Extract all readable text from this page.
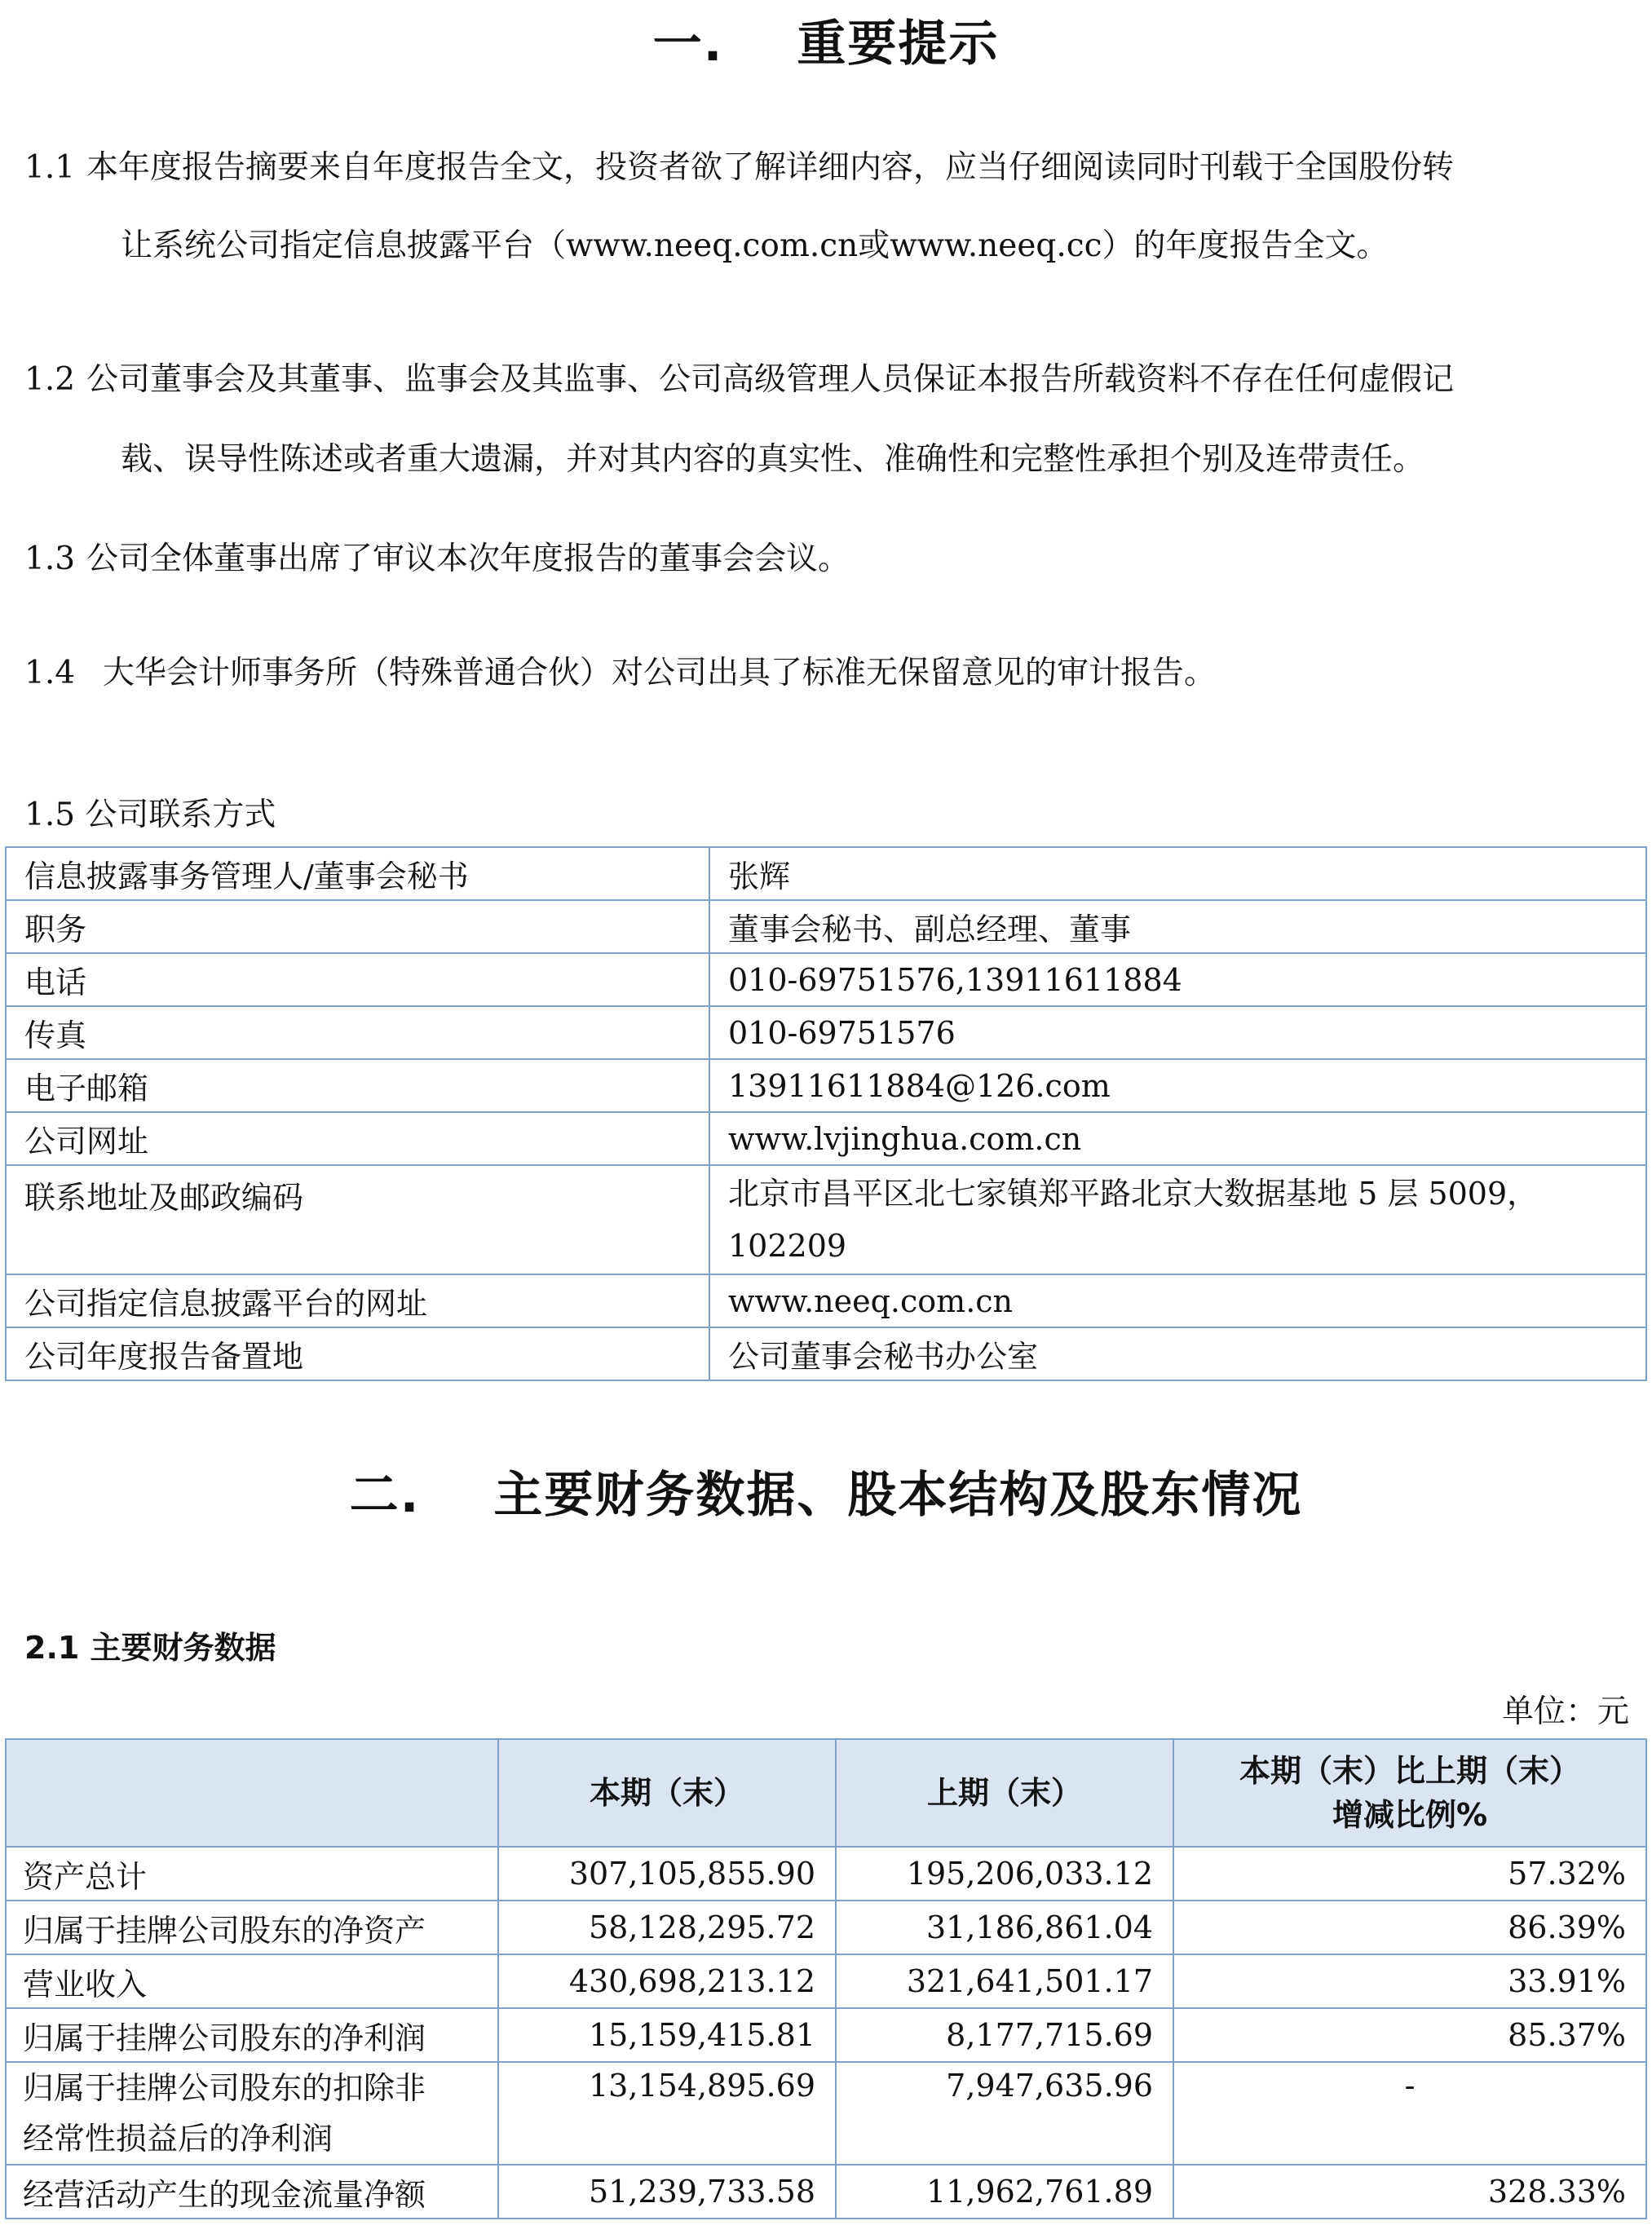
一. 重要提示

1.1 本年度报告摘要来自年度报告全文，投资者欲了解详细内容，应当仔细阅读同时刊载于全国股份转

让系统公司指定信息披露平台（www.neeq.com.cn或www.neeq.cc）的年度报告全文。

1.2 公司董事会及其董事、监事会及其监事、公司高级管理人员保证本报告所载资料不存在任何虚假记

载、误导性陈述或者重大遗漏，并对其内容的真实性、准确性和完整性承担个别及连带责任。

1.3 公司全体董事出席了审议本次年度报告的董事会会议。

1.4 大华会计师事务所（特殊普通合伙）对公司出具了标准无保留意见的审计报告。

1.5 公司联系方式

信息披露事务管理人/董事会秘书	张辉
职务	董事会秘书、副总经理、董事
电话	010-69751576,13911611884
传真	010-69751576
电子邮箱	13911611884@126.com
公司网址	www.lvjinghua.com.cn
联系地址及邮政编码	北京市昌平区北七家镇郑平路北京大数据基地 5 层 5009，
102209

公司指定信息披露平台的网址	www.neeq.com.cn
公司年度报告备置地	公司董事会秘书办公室
二. 主要财务数据、股本结构及股东情况

2.1 主要财务数据

单位：元

	本期（末）	上期（末）	本期（末）比上期（末）
增减比例%

资产总计	307,105,855.90	195,206,033.12	57.32%
归属于挂牌公司股东的净资产	58,128,295.72	31,186,861.04	86.39%
营业收入	430,698,213.12	321,641,501.17	33.91%
归属于挂牌公司股东的净利润	15,159,415.81	8,177,715.69	85.37%

归属于挂牌公司股东的扣除非
经常性损益后的净利润	13,154,895.69	7,947,635.96	-
经营活动产生的现金流量净额	51,239,733.58	11,962,761.89	328.33%
